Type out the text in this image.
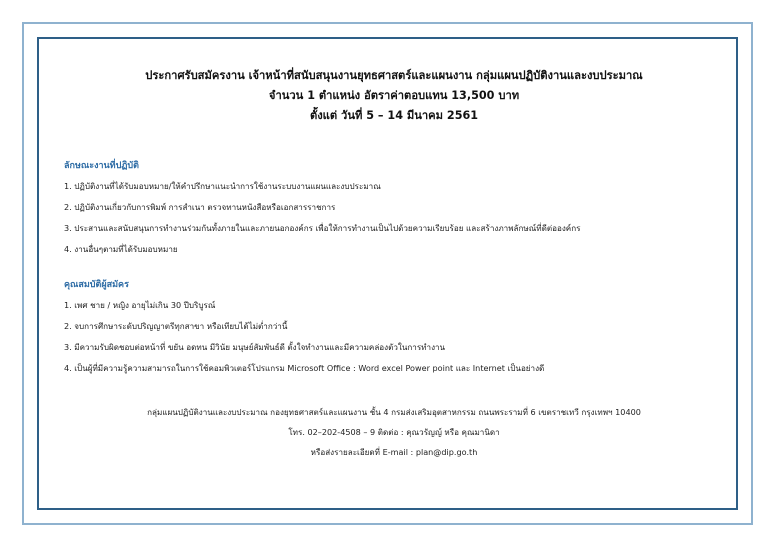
ประกาศรับสมัครงาน เจ้าหน้าที่สนับสนุนงานยุทธศาสตร์และแผนงาน กลุ่มแผนปฏิบัติงานและงบประมาณ

จำนวน 1 ตำแหน่ง อัตราค่าตอบแทน 13,500 บาท

ตั้งแต่ วันที่ 5 – 14 มีนาคม 2561

ลักษณะงานที่ปฏิบัติ
1. ปฏิบัติงานที่ได้รับมอบหมาย/ให้คำปรึกษาแนะนำการใช้งานระบบงานแผนและงบประมาณ
2. ปฏิบัติงานเกี่ยวกับการพิมพ์ การสำเนา ตรวจทานหนังสือหรือเอกสารราชการ
3. ประสานและสนับสนุนการทำงานร่วมกันทั้งภายในและภายนอกองค์กร เพื่อให้การทำงานเป็นไปด้วยความเรียบร้อย และสร้างภาพลักษณ์ที่ดีต่อองค์กร
4. งานอื่นๆตามที่ได้รับมอบหมาย
คุณสมบัติผู้สมัคร
1. เพศ ชาย / หญิง อายุไม่เกิน 30 ปีบริบูรณ์
2. จบการศึกษาระดับปริญญาตรีทุกสาขา หรือเทียบได้ไม่ต่ำกว่านี้
3. มีความรับผิดชอบต่อหน้าที่ ขยัน อดทน มีวินัย มนุษย์สัมพันธ์ดี ตั้งใจทำงานและมีความคล่องตัวในการทำงาน
4. เป็นผู้ที่มีความรู้ความสามารถในการใช้คอมพิวเตอร์โปรแกรม Microsoft Office : Word excel Power point และ Internet เป็นอย่างดี

กลุ่มแผนปฏิบัติงานและงบประมาณ กองยุทธศาสตร์และแผนงาน ชั้น 4 กรมส่งเสริมอุตสาหกรรม ถนนพระรามที่ 6 เขตราชเทวี กรุงเทพฯ 10400

โทร. 02–202-4508 – 9 ติดต่อ : คุณวรัญญ์ หรือ คุณมานิดา

หรือส่งรายละเอียดที่ E-mail : plan@dip.go.th
